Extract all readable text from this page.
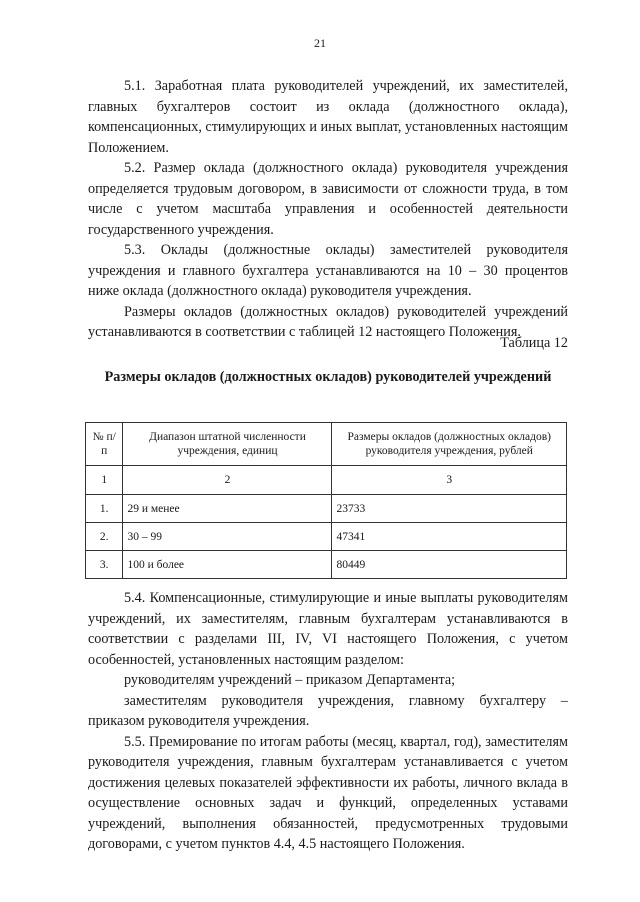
21

5.1. Заработная плата руководителей учреждений, их заместителей, главных бухгалтеров состоит из оклада (должностного оклада), компенсационных, стимулирующих и иных выплат, установленных настоящим Положением.

5.2. Размер оклада (должностного оклада) руководителя учреждения определяется трудовым договором, в зависимости от сложности труда, в том числе с учетом масштаба управления и особенностей деятельности государственного учреждения.

5.3. Оклады (должностные оклады) заместителей руководителя учреждения и главного бухгалтера устанавливаются на 10 – 30 процентов ниже оклада (должностного оклада) руководителя учреждения.

Размеры окладов (должностных окладов) руководителей учреждений устанавливаются в соответствии с таблицей 12 настоящего Положения.

Таблица 12
Размеры окладов (должностных окладов) руководителей учреждений
№ п/п	Диапазон штатной численности учреждения, единиц	Размеры окладов (должностных окладов) руководителя учреждения, рублей
1	2	3
1.	29 и менее	23733
2.	30 – 99	47341
3.	100 и более	80449

5.4. Компенсационные, стимулирующие и иные выплаты руководителям учреждений, их заместителям, главным бухгалтерам устанавливаются в соответствии с разделами III, IV, VI настоящего Положения, с учетом особенностей, установленных настоящим разделом:

руководителям учреждений – приказом Департамента;

заместителям руководителя учреждения, главному бухгалтеру – приказом руководителя учреждения.

5.5. Премирование по итогам работы (месяц, квартал, год), заместителям руководителя учреждения, главным бухгалтерам устанавливается с учетом достижения целевых показателей эффективности их работы, личного вклада в осуществление основных задач и функций, определенных уставами учреждений, выполнения обязанностей, предусмотренных трудовыми договорами, с учетом пунктов 4.4, 4.5 настоящего Положения.
